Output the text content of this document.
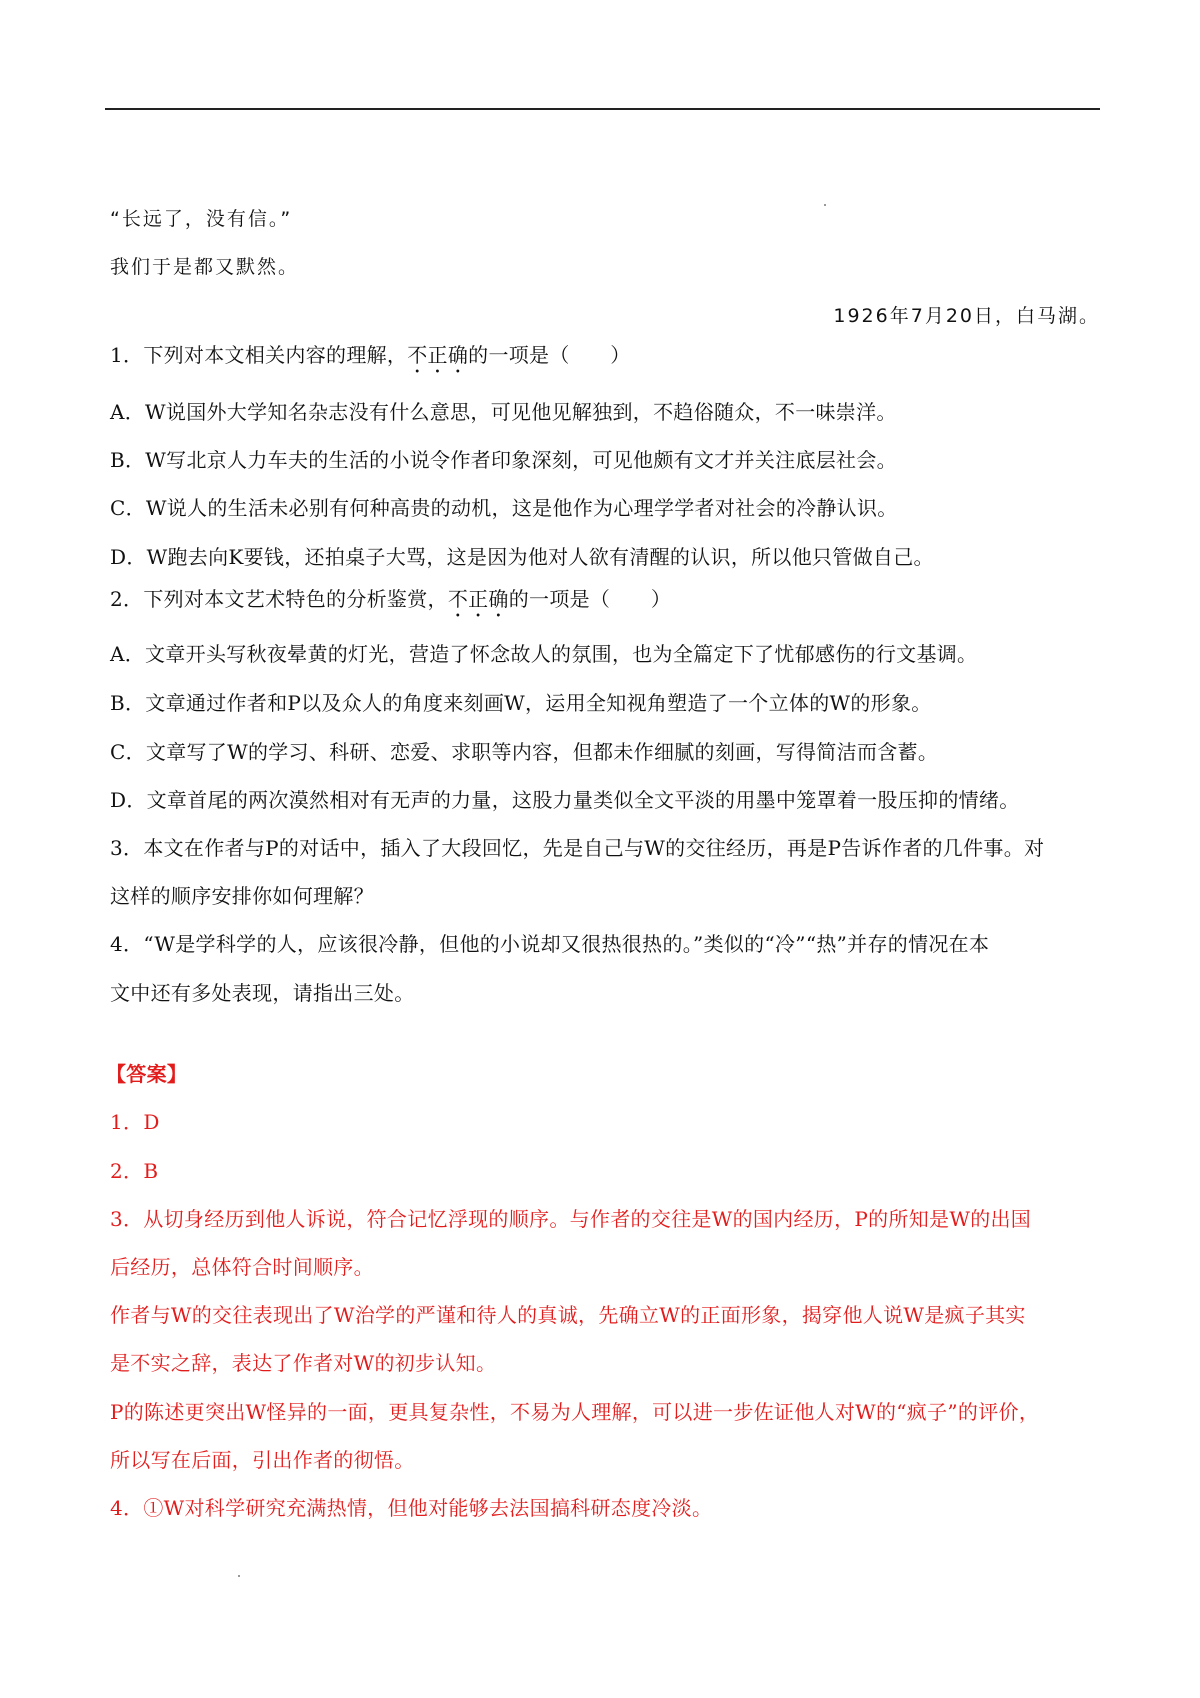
“长远了，没有信。”
我们于是都又默然。
1926年7月20日，白马湖。
1．下列对本文相关内容的理解，不正确的一项是（　　）
A．W说国外大学知名杂志没有什么意思，可见他见解独到，不趋俗随众，不一味崇洋。
B．W写北京人力车夫的生活的小说令作者印象深刻，可见他颇有文才并关注底层社会。
C．W说人的生活未必别有何种高贵的动机，这是他作为心理学学者对社会的冷静认识。
D．W跑去向K要钱，还拍桌子大骂，这是因为他对人欲有清醒的认识，所以他只管做自己。
2．下列对本文艺术特色的分析鉴赏，不正确的一项是（　　）
A．文章开头写秋夜晕黄的灯光，营造了怀念故人的氛围，也为全篇定下了忧郁感伤的行文基调。
B．文章通过作者和P以及众人的角度来刻画W，运用全知视角塑造了一个立体的W的形象。
C．文章写了W的学习、科研、恋爱、求职等内容，但都未作细腻的刻画，写得简洁而含蓄。
D．文章首尾的两次漠然相对有无声的力量，这股力量类似全文平淡的用墨中笼罩着一股压抑的情绪。
3．本文在作者与P的对话中，插入了大段回忆，先是自己与W的交往经历，再是P告诉作者的几件事。对
这样的顺序安排你如何理解？
4．“W是学科学的人，应该很冷静，但他的小说却又很热很热的。”类似的“冷”“热”并存的情况在本
文中还有多处表现，请指出三处。
【答案】
1．D
2．B
3．从切身经历到他人诉说，符合记忆浮现的顺序。与作者的交往是W的国内经历，P的所知是W的出国
后经历，总体符合时间顺序。
作者与W的交往表现出了W治学的严谨和待人的真诚，先确立W的正面形象，揭穿他人说W是疯子其实
是不实之辞，表达了作者对W的初步认知。
P的陈述更突出W怪异的一面，更具复杂性，不易为人理解，可以进一步佐证他人对W的“疯子”的评价，
所以写在后面，引出作者的彻悟。
4．①W对科学研究充满热情，但他对能够去法国搞科研态度冷淡。
